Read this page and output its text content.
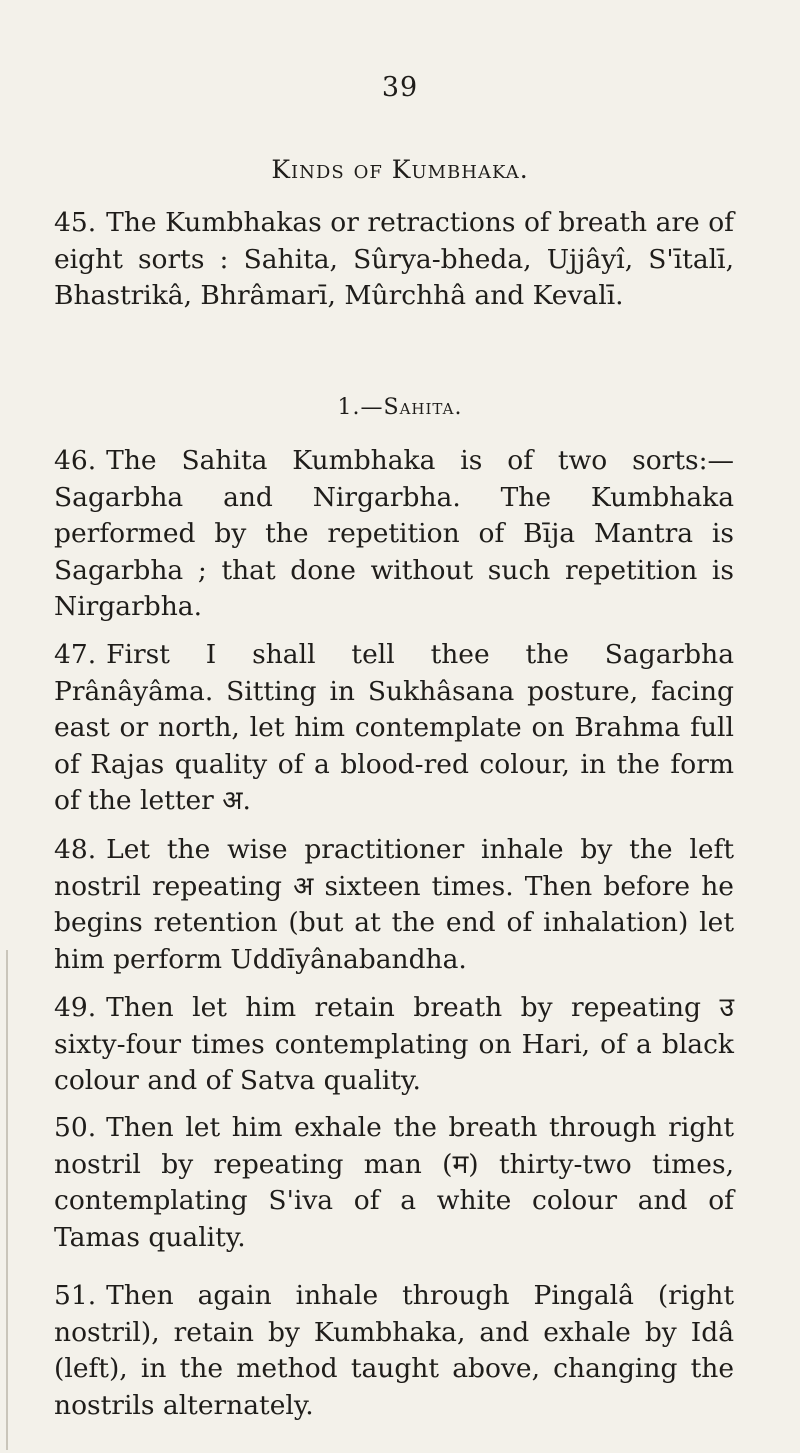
39
Kinds of Kumbhaka.
45. The Kumbhakas or retractions of breath are of eight sorts : Sahita, Sûrya-bheda, Ujjâyî, S'ītalī, Bhastrikâ, Bhrâmarī, Mûrchhâ and Kevalī.
1.—Sahita.
46. The Sahita Kumbhaka is of two sorts:— Sagarbha and Nirgarbha. The Kumbhaka performed by the repetition of Bīja Mantra is Sagarbha ; that done without such repetition is Nirgarbha.
47. First I shall tell thee the Sagarbha Prânâyâma. Sitting in Sukhâsana posture, facing east or north, let him contemplate on Brahma full of Rajas quality of a blood-red colour, in the form of the letter अ.
48. Let the wise practitioner inhale by the left nostril repeating अ sixteen times. Then before he begins retention (but at the end of inhalation) let him perform Uddīyânabandha.
49. Then let him retain breath by repeating उ sixty-four times contemplating on Hari, of a black colour and of Satva quality.
50. Then let him exhale the breath through right nostril by repeating man (म) thirty-two times, contemplating S'iva of a white colour and of Tamas quality.
51. Then again inhale through Pingalâ (right nostril), retain by Kumbhaka, and exhale by Idâ (left), in the method taught above, changing the nostrils alternately.
